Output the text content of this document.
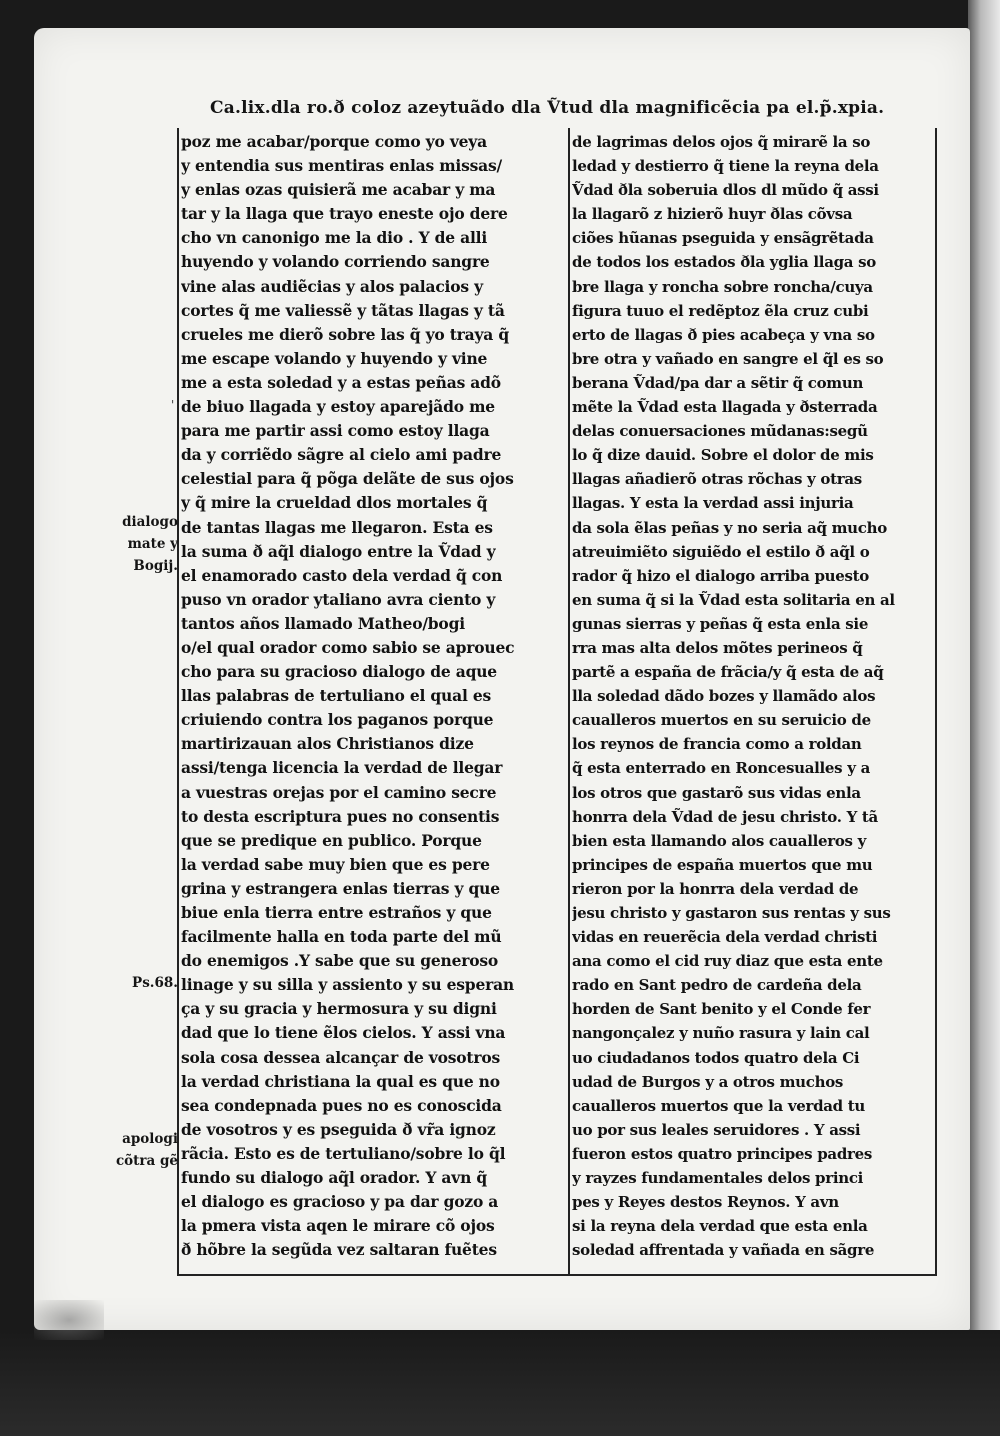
Ca.lix.dla ro.ð coloz azeytuãdo dla Ṽtud dla magnificẽcia pa el.p̃.xpia.
poz me acabar/porque como yo veya
y entendia sus mentiras enlas missas/
y enlas ozas quisierã me acabar y ma
tar y la llaga que trayo eneste ojo dere
cho vn canonigo me la dio . Y de alli
huyendo y volando corriendo sangre
vine alas audiẽcias y alos palacios y
cortes q̃ me valiessẽ y tãtas llagas y tã
crueles me dierõ sobre las q̃ yo traya q̃
me escape volando y huyendo y vine
me a esta soledad y a estas peñas adõ
de biuo llagada y estoy aparejãdo me
para me partir assi como estoy llaga
da y corriẽdo sãgre al cielo ami padre
celestial para q̃ põga delãte de sus ojos
y q̃ mire la crueldad dlos mortales q̃
de tantas llagas me llegaron. Esta es
la suma ð aq̃l dialogo entre la Ṽdad y
el enamorado casto dela verdad q̃ con
puso vn orador ytaliano avra ciento y
tantos años llamado Matheo/bogi
o/el qual orador como sabio se aprouec
cho para su gracioso dialogo de aque
llas palabras de tertuliano el qual es
criuiendo contra los paganos porque
martirizauan alos Christianos dize
assi/tenga licencia la verdad de llegar
a vuestras orejas por el camino secre
to desta escriptura pues no consentis
que se predique en publico. Porque
la verdad sabe muy bien que es pere
grina y estrangera enlas tierras y que
biue enla tierra entre estraños y que
facilmente halla en toda parte del mũ
do enemigos .Y sabe que su generoso
linage y su silla y assiento y su esperan
ça y su gracia y hermosura y su digni
dad que lo tiene ẽlos cielos. Y assi vna
sola cosa dessea alcançar de vosotros
la verdad christiana la qual es que no
sea condepnada pues no es conoscida
de vosotros y es pseguida ð vr̃a ignoz
rãcia. Esto es de tertuliano/sobre lo q̃l
fundo su dialogo aq̃l orador. Y avn q̃
el dialogo es gracioso y pa dar gozo a
la pmera vista aqen le mirare cõ ojos
ð hõbre la segũda vez saltaran fuẽtes
de lagrimas delos ojos q̃ mirarẽ la so
ledad y destierro q̃ tiene la reyna dela
Ṽdad ðla soberuia dlos dl mũdo q̃ assi
la llagarõ z hizierõ huyr ðlas cõvsa
ciões hũanas pseguida y ensãgrẽtada
de todos los estados ðla yglia llaga so
bre llaga y roncha sobre roncha/cuya
figura tuuo el redẽptoz ẽla cruz cubi
erto de llagas ð pies acabeça y vna so
bre otra y vañado en sangre el q̃l es so
berana Ṽdad/pa dar a sẽtir q̃ comun
mẽte la Ṽdad esta llagada y ðsterrada
delas conuersaciones mũdanas:segũ
lo q̃ dize dauid. Sobre el dolor de mis
llagas añadierõ otras rõchas y otras
llagas. Y esta la verdad assi injuria
da sola ẽlas peñas y no seria aq̃ mucho
atreuimiẽto siguiẽdo el estilo ð aq̃l o
rador q̃ hizo el dialogo arriba puesto
en suma q̃ si la Ṽdad esta solitaria en al
gunas sierras y peñas q̃ esta enla sie
rra mas alta delos mõtes perineos q̃
partẽ a españa de frãcia/y q̃ esta de aq̃
lla soledad dãdo bozes y llamãdo alos
caualleros muertos en su seruicio de
los reynos de francia como a roldan
q̃ esta enterrado en Roncesualles y a
los otros que gastarõ sus vidas enla
honrra dela Ṽdad de jesu christo. Y tã
bien esta llamando alos caualleros y
principes de españa muertos que mu
rieron por la honrra dela verdad de
jesu christo y gastaron sus rentas y sus
vidas en reuerẽcia dela verdad christi
ana como el cid ruy diaz que esta ente
rado en Sant pedro de cardeña dela
horden de Sant benito y el Conde fer
nangonçalez y nuño rasura y lain cal
uo ciudadanos todos quatro dela Ci
udad de Burgos y a otros muchos
caualleros muertos que la verdad tu
uo por sus leales seruidores . Y assi
fueron estos quatro principes padres
y rayzes fundamentales delos princi
pes y Reyes destos Reynos. Y avn
si la reyna dela verdad que esta enla
soledad affrentada y vañada en sãgre
'
dialogo
mate y
Bogij.
Ps.68.
apologi
cõtra gẽ
